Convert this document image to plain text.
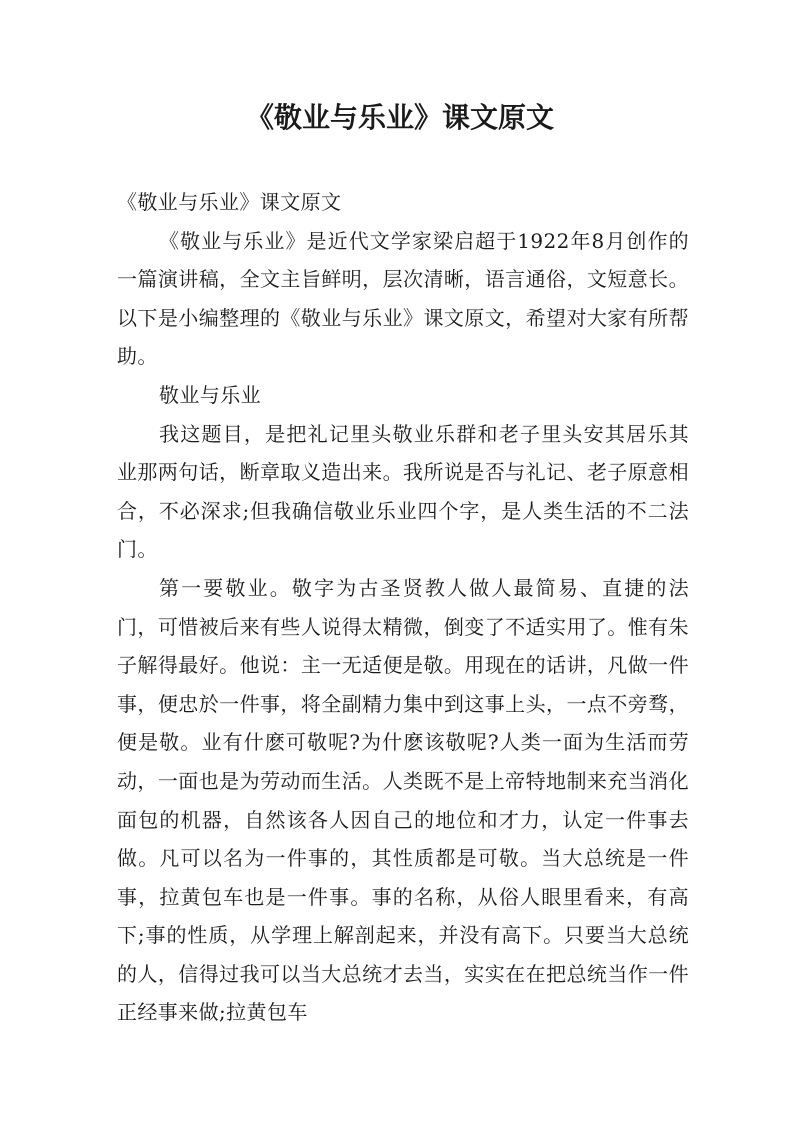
《敬业与乐业》课文原文

《敬业与乐业》课文原文

《敬业与乐业》是近代文学家梁启超于1922年8月创作的一篇演讲稿，全文主旨鲜明，层次清晰，语言通俗，文短意长。以下是小编整理的《敬业与乐业》课文原文，希望对大家有所帮助。

敬业与乐业

我这题目，是把礼记里头敬业乐群和老子里头安其居乐其业那两句话，断章取义造出来。我所说是否与礼记、老子原意相合，不必深求;但我确信敬业乐业四个字，是人类生活的不二法门。

第一要敬业。敬字为古圣贤教人做人最简易、直捷的法门，可惜被后来有些人说得太精微，倒变了不适实用了。惟有朱子解得最好。他说：主一无适便是敬。用现在的话讲，凡做一件事，便忠於一件事，将全副精力集中到这事上头，一点不旁骛，便是敬。业有什麽可敬呢?为什麽该敬呢?人类一面为生活而劳动，一面也是为劳动而生活。人类既不是上帝特地制来充当消化面包的机器，自然该各人因自己的地位和才力，认定一件事去做。凡可以名为一件事的，其性质都是可敬。当大总统是一件事，拉黄包车也是一件事。事的名称，从俗人眼里看来，有高下;事的性质，从学理上解剖起来，并没有高下。只要当大总统的人，信得过我可以当大总统才去当，实实在在把总统当作一件正经事来做;拉黄包车
